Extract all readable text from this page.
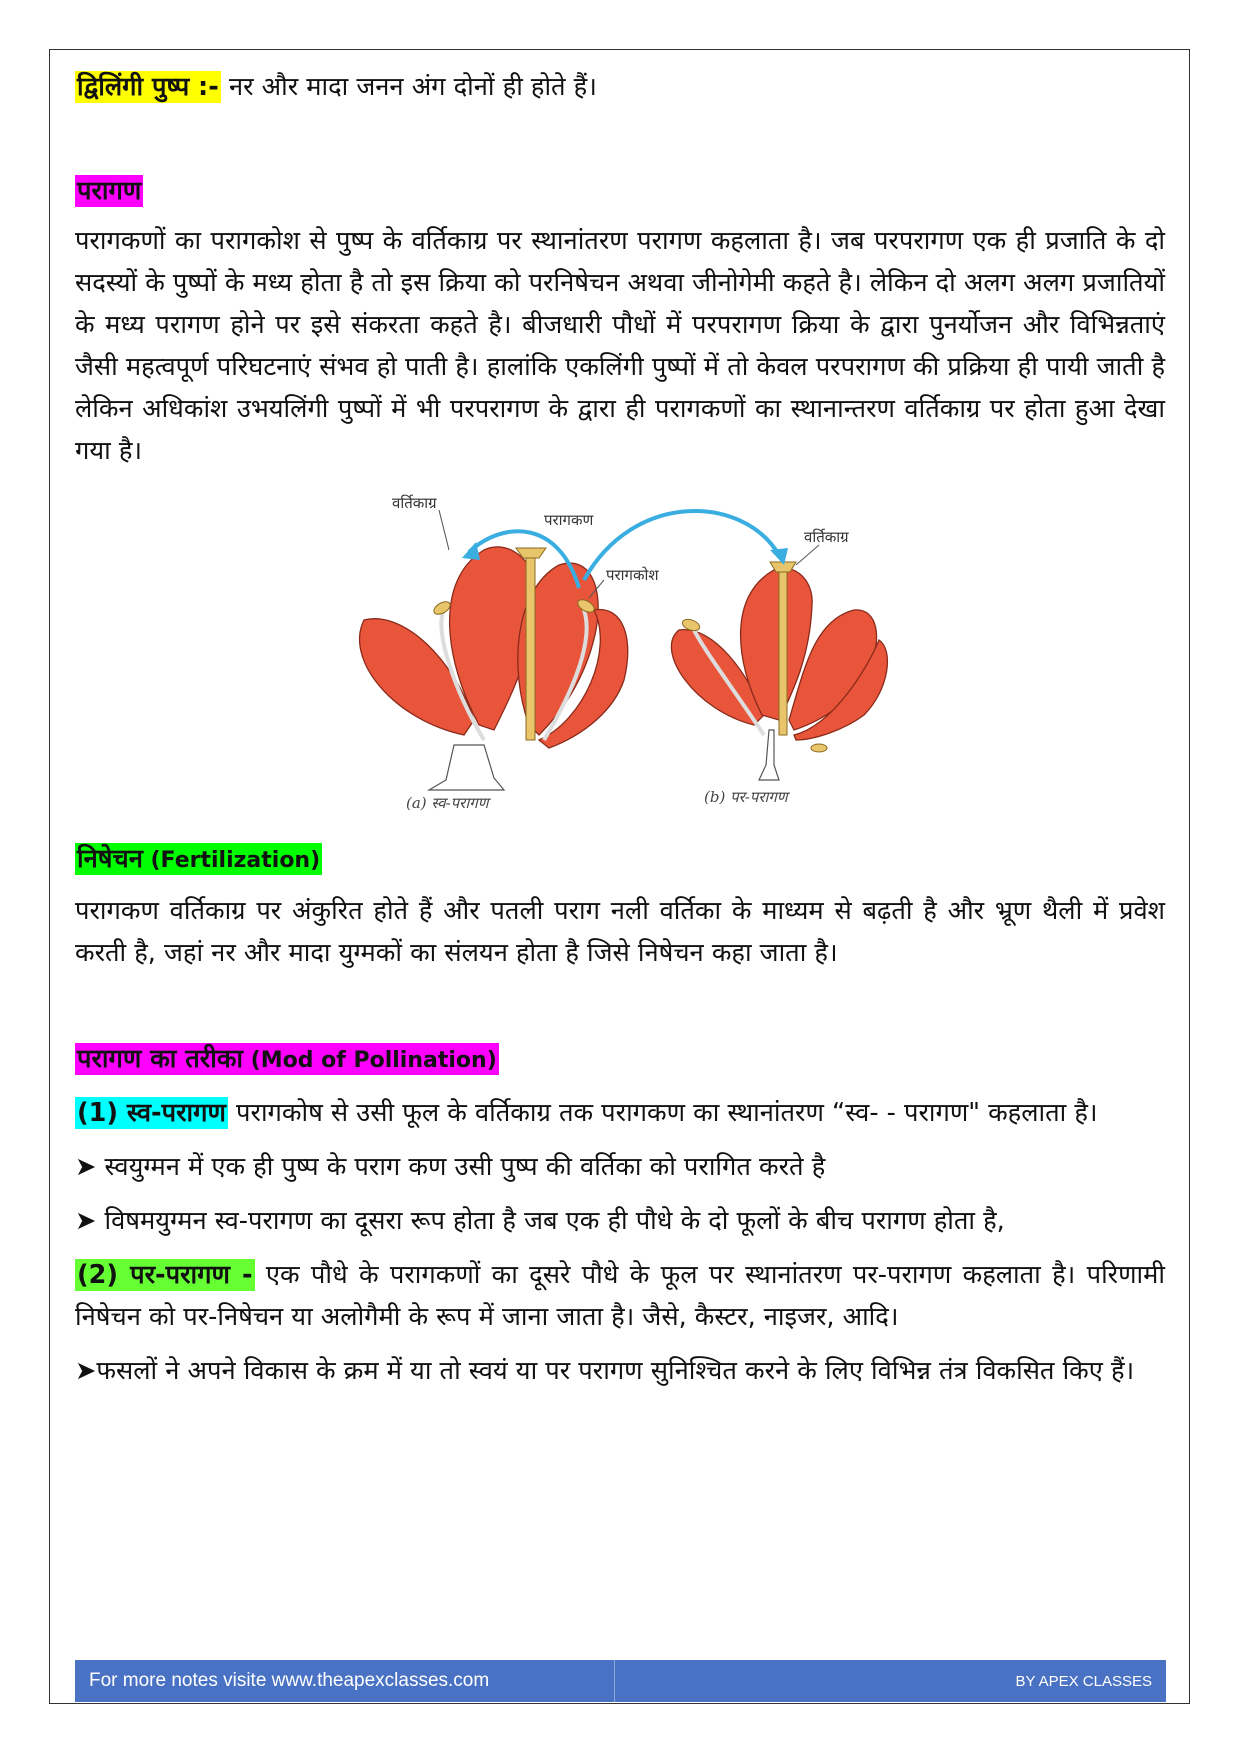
द्विलिंगी पुष्प :- नर और मादा जनन अंग दोनों ही होते हैं।

परागण

परागकणों का परागकोश से पुष्प के वर्तिकाग्र पर स्थानांतरण परागण कहलाता है। जब परपरागण एक ही प्रजाति के दो सदस्यों के पुष्पों के मध्य होता है तो इस क्रिया को परनिषेचन अथवा जीनोगेमी कहते है। लेकिन दो अलग अलग प्रजातियों के मध्य परागण होने पर इसे संकरता कहते है। बीजधारी पौधों में परपरागण क्रिया के द्वारा पुनर्योजन और विभिन्नताएं जैसी महत्वपूर्ण परिघटनाएं संभव हो पाती है। हालांकि एकलिंगी पुष्पों में तो केवल परपरागण की प्रक्रिया ही पायी जाती है लेकिन अधिकांश उभयलिंगी पुष्पों में भी परपरागण के द्वारा ही परागकणों का स्थानान्तरण वर्तिकाग्र पर होता हुआ देखा गया है।

वर्तिकाग्र
परागकण
परागकोश
वर्तिकाग्र
(a) स्व-परागण	(b) पर-परागण

निषेचन (Fertilization)

परागकण वर्तिकाग्र पर अंकुरित होते हैं और पतली पराग नली वर्तिका के माध्यम से बढ़ती है और भ्रूण थैली में प्रवेश करती है, जहां नर और मादा युग्मकों का संलयन होता है जिसे निषेचन कहा जाता है।

परागण का तरीका (Mod of Pollination)

(1) स्व-परागण परागकोष से उसी फूल के वर्तिकाग्र तक परागकण का स्थानांतरण “स्व- - परागण" कहलाता है।

➤ स्वयुग्मन में एक ही पुष्प के पराग कण उसी पुष्प की वर्तिका को परागित करते है

➤ विषमयुग्मन स्व-परागण का दूसरा रूप होता है जब एक ही पौधे के दो फूलों के बीच परागण होता है,

(2) पर-परागण - एक पौधे के परागकणों का दूसरे पौधे के फूल पर स्थानांतरण पर-परागण कहलाता है। परिणामी निषेचन को पर-निषेचन या अलोगैमी के रूप में जाना जाता है। जैसे, कैस्टर, नाइजर, आदि।

➤फसलों ने अपने विकास के क्रम में या तो स्वयं या पर परागण सुनिश्चित करने के लिए विभिन्न तंत्र विकसित किए हैं।

For more notes visite www.theapexclasses.com	BY APEX CLASSES
